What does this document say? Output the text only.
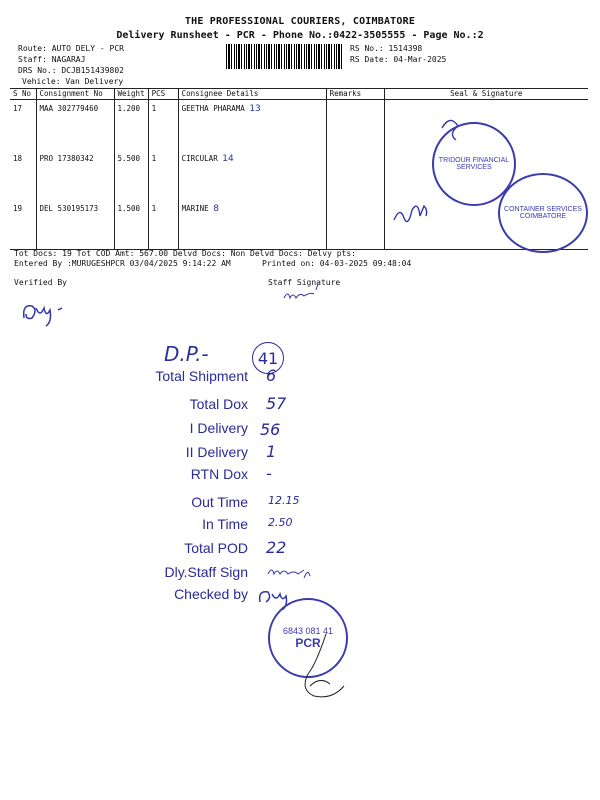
THE PROFESSIONAL COURIERS, COIMBATORE
Delivery Runsheet - PCR - Phone No.:0422-3505555 - Page No.:2
Route: AUTO DELY - PCR
Staff: NAGARAJ
DRS No.: DCJB151439802
Vehicle: Van Delivery
RS No.: 1514398
RS Date: 04-Mar-2025
S No	Consignment No	Weight	PCS	Consignee Details	Remarks	Seal & Signature
17	MAA 302779460	1.200	1	GEETHA PHARAMA 13		
18	PRO 17380342	5.500	1	CIRCULAR 14		
19	DEL 530195173	1.500	1	MARINE 8		
TRIDOUR FINANCIAL SERVICES
CONTAINER SERVICES COIMBATORE
Tot Docs: 19 Tot COD Amt: 567.00 Delvd Docs: Non Delvd Docs: Delvy pts:
Entered By :MURUGESHPCR 03/04/2025 9:14:22 AM	Printed on: 04-03-2025 09:48:04
Verified By	Staff Signature
D.P.-	41
Total Shipment 6
Total Dox 57
I Delivery 56
II Delivery 1
RTN Dox -
Out Time 12.15
In Time 2.50
Total POD 22
Dly.Staff Sign
Checked by
6843 081 41
PCR
